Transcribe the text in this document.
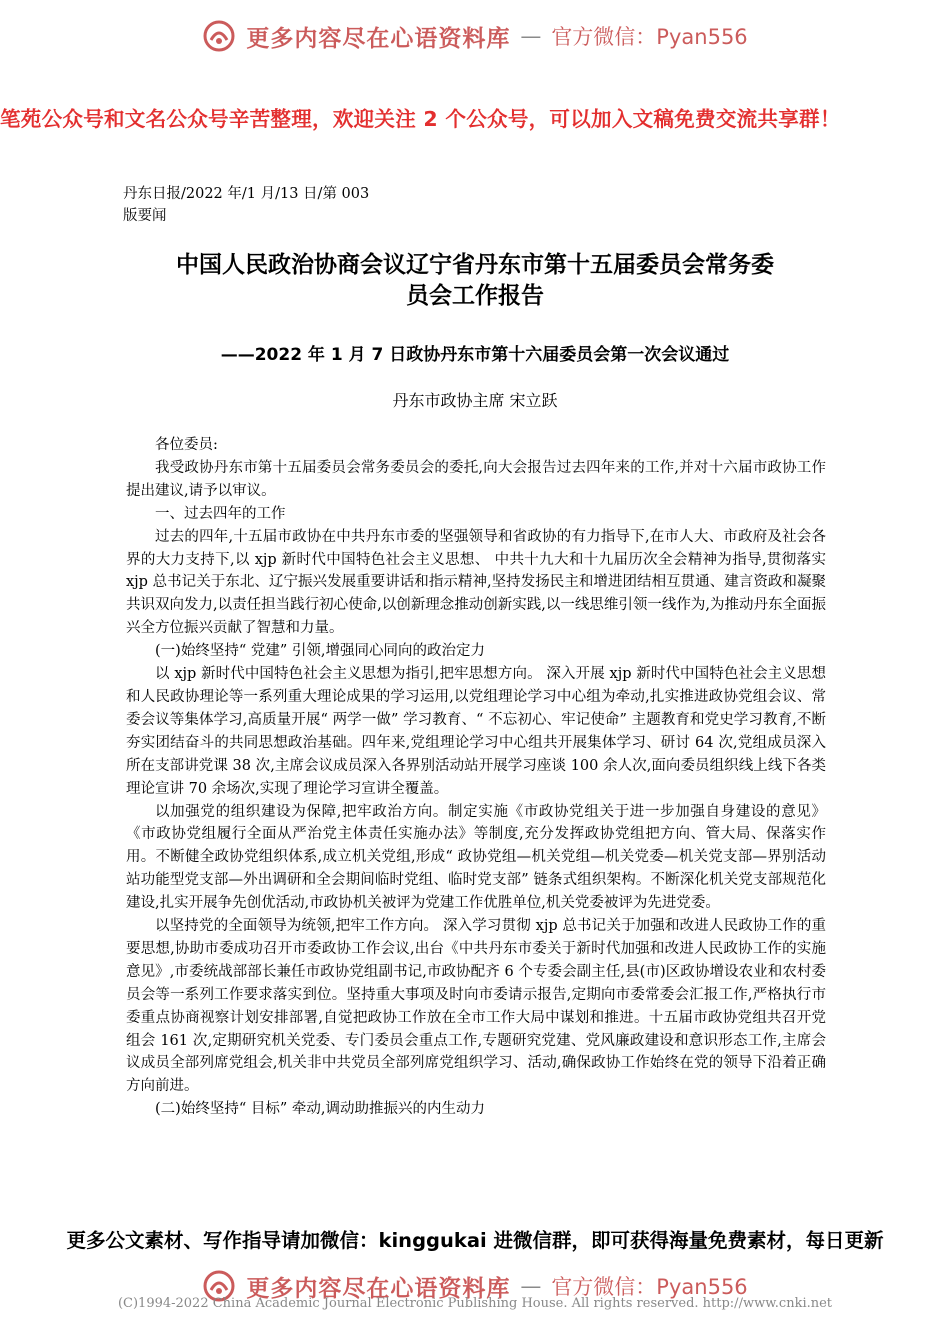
更多内容尽在心语资料库 — 官方微信：Pyan556
笔苑公众号和文名公众号辛苦整理，欢迎关注 2 个公众号，可以加入文稿免费交流共享群！
丹东日报/2022 年/1 月/13 日/第 003
版要闻
中国人民政治协商会议辽宁省丹东市第十五届委员会常务委
员会工作报告
——2022 年 1 月 7 日政协丹东市第十六届委员会第一次会议通过
丹东市政协主席 宋立跃

各位委员:

我受政协丹东市第十五届委员会常务委员会的委托,向大会报告过去四年来的工作,并对十六届市政协工作提出建议,请予以审议。

一、过去四年的工作

过去的四年,十五届市政协在中共丹东市委的坚强领导和省政协的有力指导下,在市人大、市政府及社会各界的大力支持下,以 xjp 新时代中国特色社会主义思想、 中共十九大和十九届历次全会精神为指导,贯彻落实 xjp 总书记关于东北、辽宁振兴发展重要讲话和指示精神,坚持发扬民主和增进团结相互贯通、建言资政和凝聚共识双向发力,以责任担当践行初心使命,以创新理念推动创新实践,以一线思维引领一线作为,为推动丹东全面振兴全方位振兴贡献了智慧和力量。

(一)始终坚持“ 党建” 引领,增强同心同向的政治定力

以 xjp 新时代中国特色社会主义思想为指引,把牢思想方向。 深入开展 xjp 新时代中国特色社会主义思想和人民政协理论等一系列重大理论成果的学习运用,以党组理论学习中心组为牵动,扎实推进政协党组会议、常委会议等集体学习,高质量开展“ 两学一做” 学习教育、“ 不忘初心、牢记使命” 主题教育和党史学习教育,不断夯实团结奋斗的共同思想政治基础。四年来,党组理论学习中心组共开展集体学习、研讨 64 次,党组成员深入所在支部讲党课 38 次,主席会议成员深入各界别活动站开展学习座谈 100 余人次,面向委员组织线上线下各类理论宣讲 70 余场次,实现了理论学习宣讲全覆盖。

以加强党的组织建设为保障,把牢政治方向。制定实施《市政协党组关于进一步加强自身建设的意见》 《市政协党组履行全面从严治党主体责任实施办法》等制度,充分发挥政协党组把方向、管大局、保落实作用。不断健全政协党组织体系,成立机关党组,形成“ 政协党组—机关党组—机关党委—机关党支部—界别活动站功能型党支部—外出调研和全会期间临时党组、临时党支部” 链条式组织架构。不断深化机关党支部规范化建设,扎实开展争先创优活动,市政协机关被评为党建工作优胜单位,机关党委被评为先进党委。

以坚持党的全面领导为统领,把牢工作方向。 深入学习贯彻 xjp 总书记关于加强和改进人民政协工作的重要思想,协助市委成功召开市委政协工作会议,出台《中共丹东市委关于新时代加强和改进人民政协工作的实施意见》,市委统战部部长兼任市政协党组副书记,市政协配齐 6 个专委会副主任,县(市)区政协增设农业和农村委员会等一系列工作要求落实到位。坚持重大事项及时向市委请示报告,定期向市委常委会汇报工作,严格执行市委重点协商视察计划安排部署,自觉把政协工作放在全市工作大局中谋划和推进。十五届市政协党组共召开党组会 161 次,定期研究机关党委、专门委员会重点工作,专题研究党建、党风廉政建设和意识形态工作,主席会议成员全部列席党组会,机关非中共党员全部列席党组织学习、活动,确保政协工作始终在党的领导下沿着正确方向前进。

(二)始终坚持“ 目标” 牵动,调动助推振兴的内生动力

更多公文素材、写作指导请加微信：kinggukai 进微信群，即可获得海量免费素材，每日更新
更多内容尽在心语资料库 — 官方微信：Pyan556
(C)1994-2022 China Academic Journal Electronic Publishing House. All rights reserved. http://www.cnki.net
